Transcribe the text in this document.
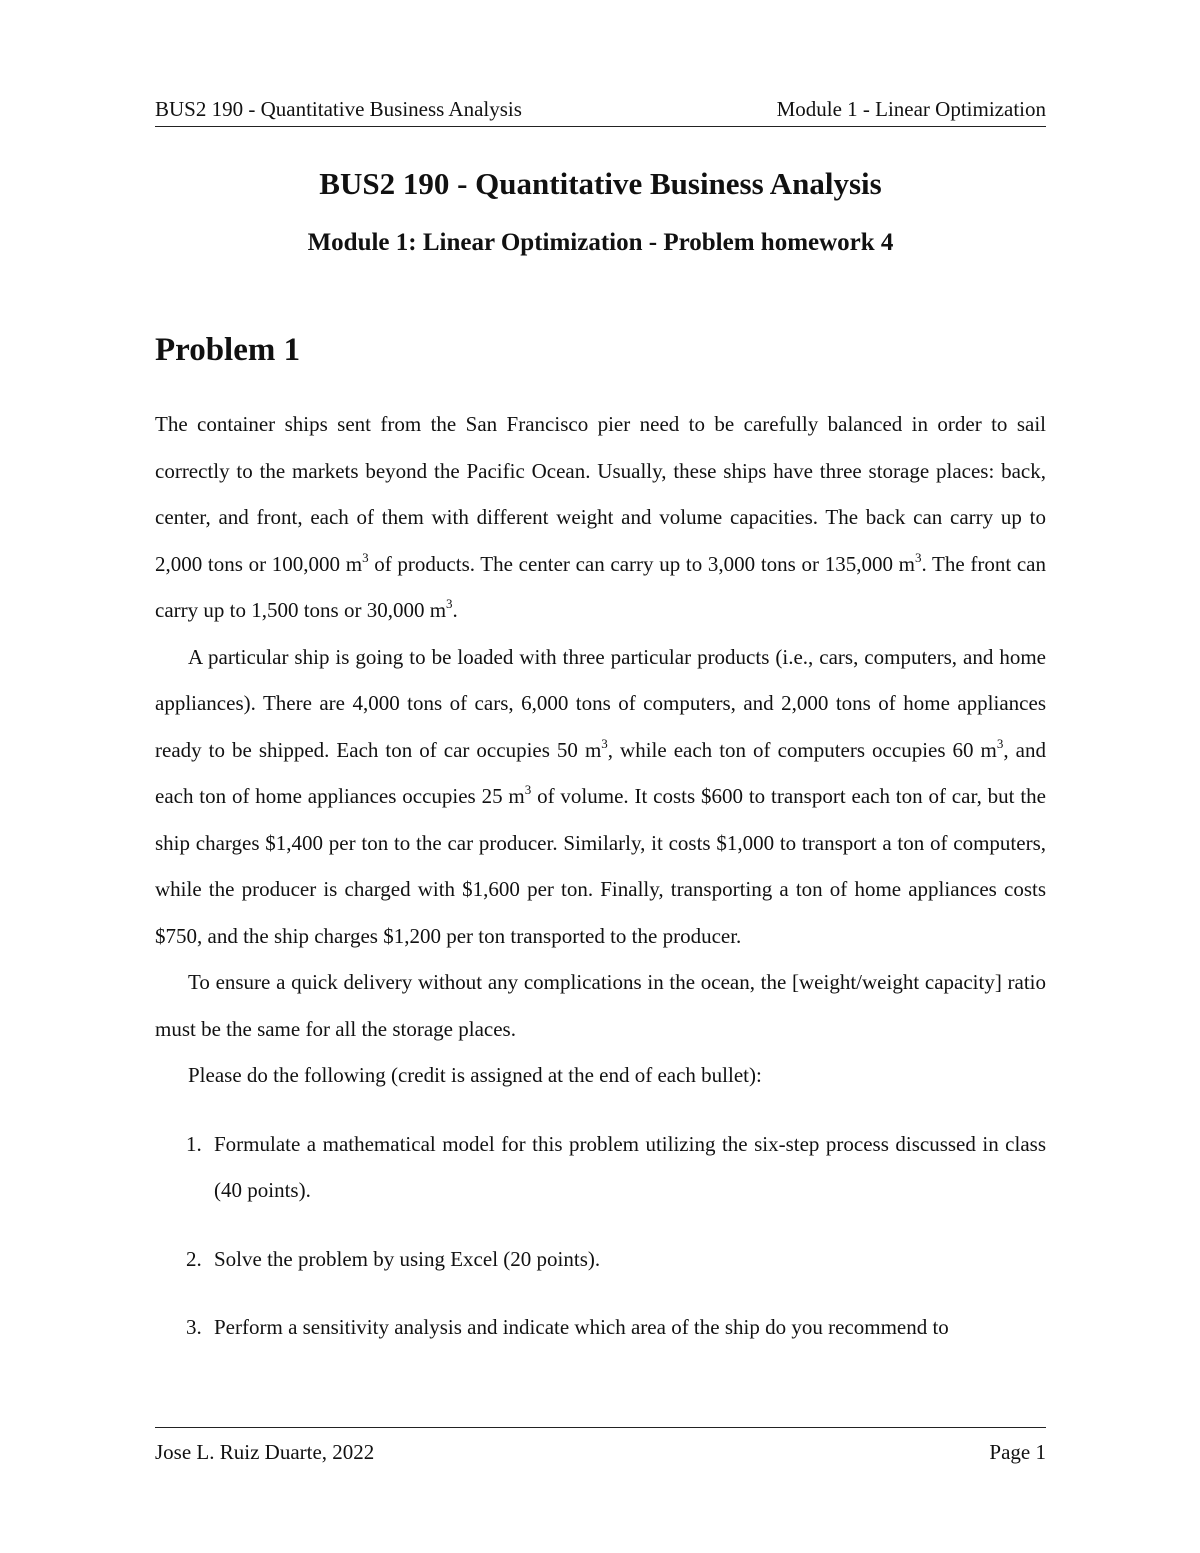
BUS2 190 - Quantitative Business Analysis	Module 1 - Linear Optimization
BUS2 190 - Quantitative Business Analysis
Module 1: Linear Optimization - Problem homework 4
Problem 1

The container ships sent from the San Francisco pier need to be carefully balanced in order to sail correctly to the markets beyond the Pacific Ocean. Usually, these ships have three storage places: back, center, and front, each of them with different weight and volume capacities. The back can carry up to 2,000 tons or 100,000 $m^3$ of products. The center can carry up to 3,000 tons or 135,000 $m^3$. The front can carry up to 1,500 tons or 30,000 $m^3$.

A particular ship is going to be loaded with three particular products (i.e., cars, computers, and home appliances). There are 4,000 tons of cars, 6,000 tons of computers, and 2,000 tons of home appliances ready to be shipped. Each ton of car occupies 50 $m^3$, while each ton of computers occupies 60 $m^3$, and each ton of home appliances occupies 25 $m^3$ of volume. It costs $600 to transport each ton of car, but the ship charges $1,400 per ton to the car producer. Similarly, it costs $1,000 to transport a ton of computers, while the producer is charged with $1,600 per ton. Finally, transporting a ton of home appliances costs $750, and the ship charges $1,200 per ton transported to the producer.

To ensure a quick delivery without any complications in the ocean, the [weight/weight capacity] ratio must be the same for all the storage places.

Please do the following (credit is assigned at the end of each bullet):

1. Formulate a mathematical model for this problem utilizing the six-step process discussed in class (40 points).
2. Solve the problem by using Excel (20 points).
3. Perform a sensitivity analysis and indicate which area of the ship do you recommend to
Jose L. Ruiz Duarte, 2022	Page 1
